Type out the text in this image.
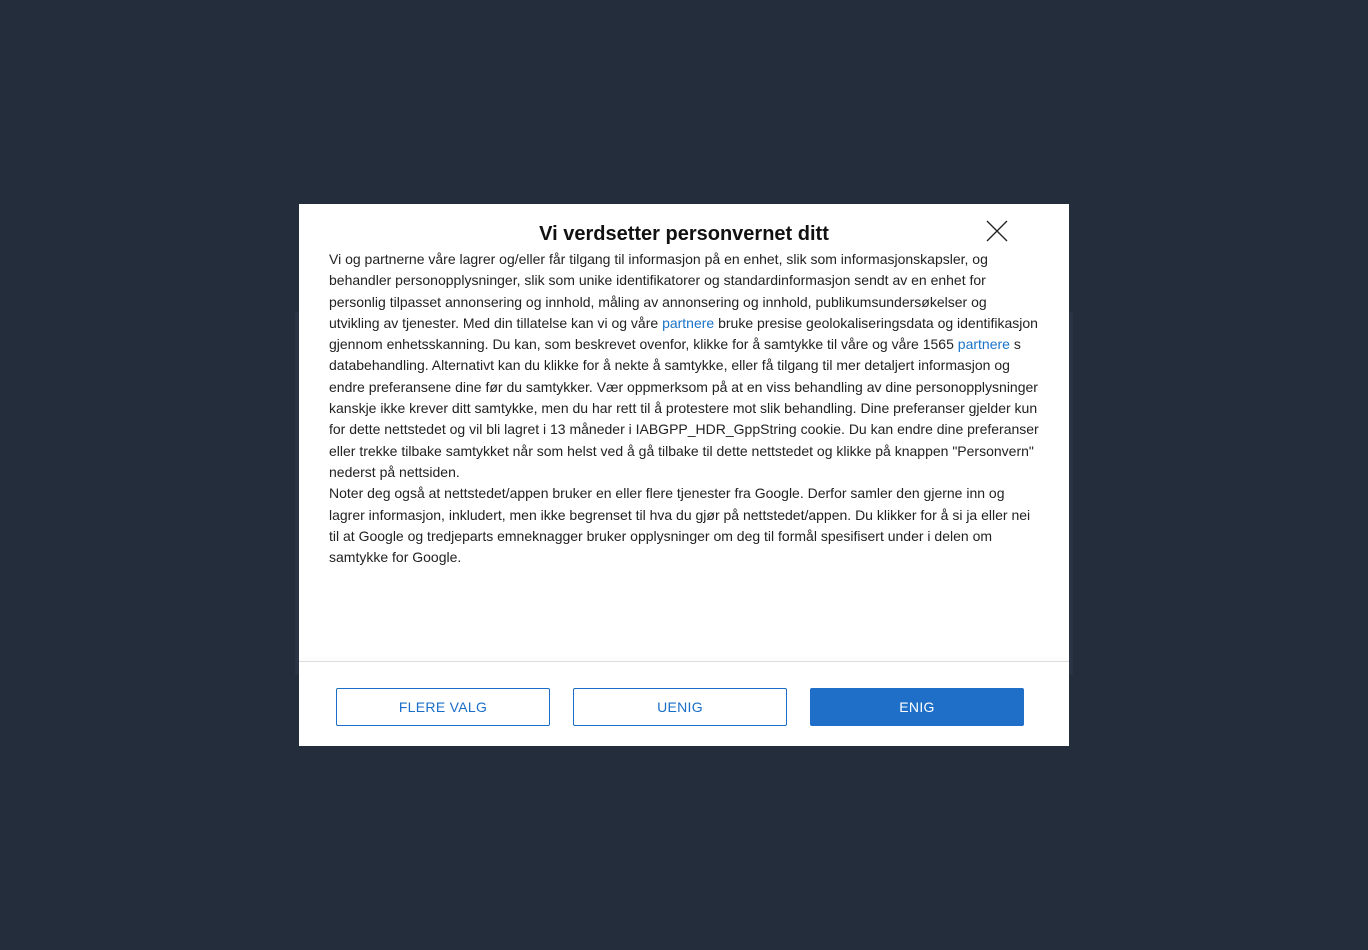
Vi verdsetter personvernet ditt

Vi og partnerne våre lagrer og/eller får tilgang til informasjon på en enhet, slik som informasjonskapsler, og behandler personopplysninger, slik som unike identifikatorer og standardinformasjon sendt av en enhet for personlig tilpasset annonsering og innhold, måling av annonsering og innhold, publikumsundersøkelser og utvikling av tjenester. Med din tillatelse kan vi og våre partnere bruke presise geolokaliseringsdata og identifikasjon gjennom enhetsskanning. Du kan, som beskrevet ovenfor, klikke for å samtykke til våre og våre 1565 partnere s databehandling. Alternativt kan du klikke for å nekte å samtykke, eller få tilgang til mer detaljert informasjon og endre preferansene dine før du samtykker. Vær oppmerksom på at en viss behandling av dine personopplysninger kanskje ikke krever ditt samtykke, men du har rett til å protestere mot slik behandling. Dine preferanser gjelder kun for dette nettstedet og vil bli lagret i 13 måneder i IABGPP_HDR_GppString cookie. Du kan endre dine preferanser eller trekke tilbake samtykket når som helst ved å gå tilbake til dette nettstedet og klikke på knappen "Personvern" nederst på nettsiden.

Noter deg også at nettstedet/appen bruker en eller flere tjenester fra Google. Derfor samler den gjerne inn og lagrer informasjon, inkludert, men ikke begrenset til hva du gjør på nettstedet/appen. Du klikker for å si ja eller nei til at Google og tredjeparts emneknagger bruker opplysninger om deg til formål spesifisert under i delen om samtykke for Google.

FLERE VALG	UENIG	ENIG
